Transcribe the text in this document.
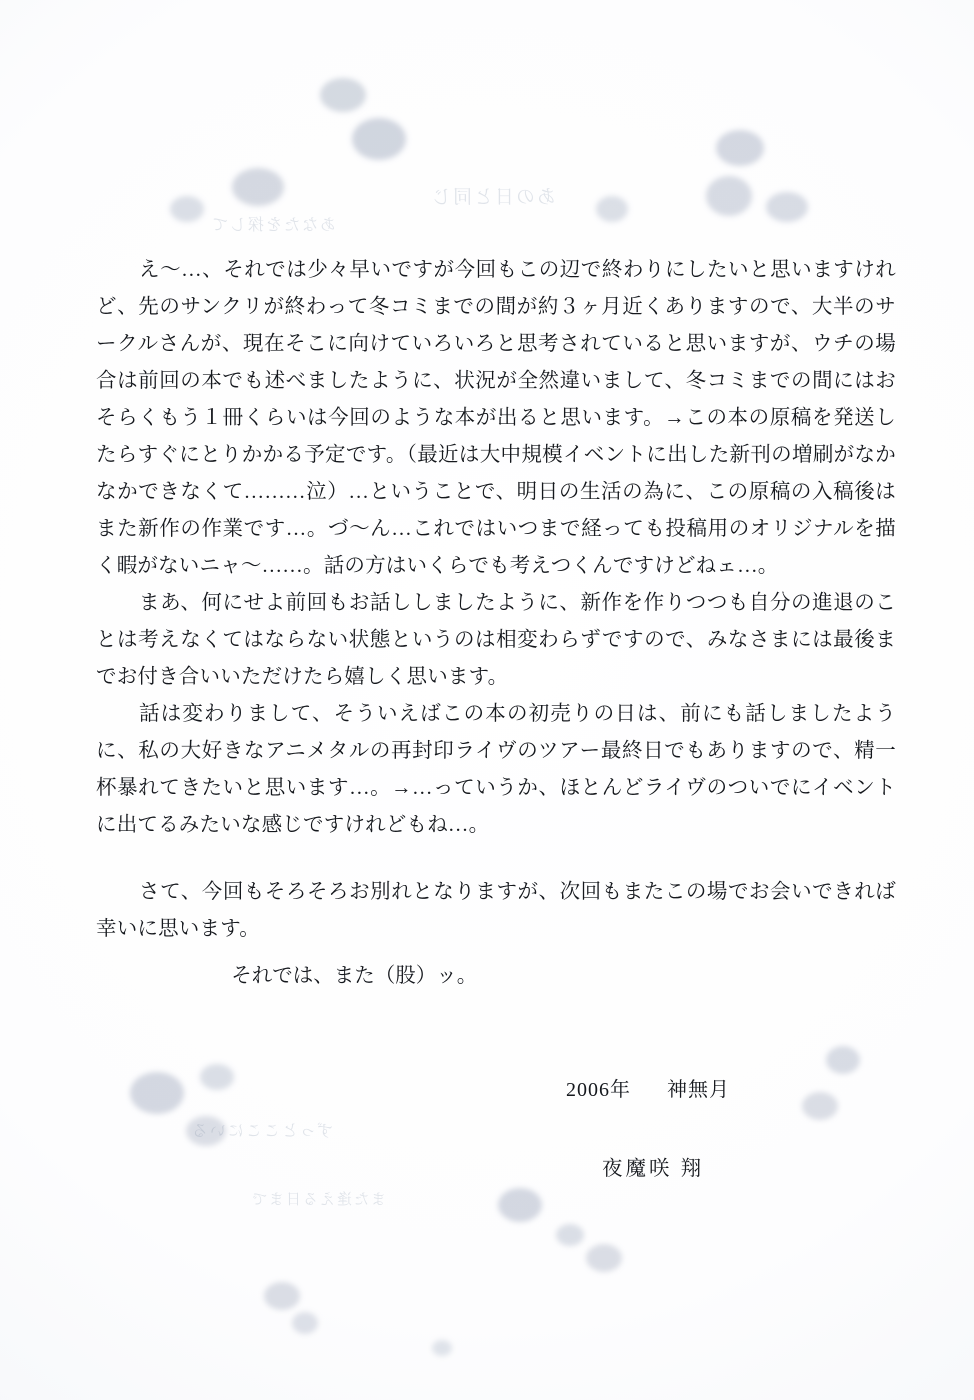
あの日と同じ
あなたを探して
ずっとここにいる
また逢える日まで

え〜…、それでは少々早いですが今回もこの辺で終わりにしたいと思いますけれど、先のサンクリが終わって冬コミまでの間が約３ヶ月近くありますので、大半のサークルさんが、現在そこに向けていろいろと思考されていると思いますが、ウチの場合は前回の本でも述べましたように、状況が全然違いまして、冬コミまでの間にはおそらくもう１冊くらいは今回のような本が出ると思います。→この本の原稿を発送したらすぐにとりかかる予定です。（最近は大中規模イベントに出した新刊の増刷がなかなかできなくて………泣）…ということで、明日の生活の為に、この原稿の入稿後はまた新作の作業です…。づ〜ん…これではいつまで経っても投稿用のオリジナルを描く暇がないニャ〜……。話の方はいくらでも考えつくんですけどねェ…。

まあ、何にせよ前回もお話ししましたように、新作を作りつつも自分の進退のことは考えなくてはならない状態というのは相変わらずですので、みなさまには最後までお付き合いいただけたら嬉しく思います。

話は変わりまして、そういえばこの本の初売りの日は、前にも話しましたように、私の大好きなアニメタルの再封印ライヴのツアー最終日でもありますので、精一杯暴れてきたいと思います…。→…っていうか、ほとんどライヴのついでにイベントに出てるみたいな感じですけれどもね…。

さて、今回もそろそろお別れとなりますが、次回もまたこの場でお会いできれば幸いに思います。

それでは、また（股）ッ。

2006年 神無月
夜魔咲 翔
